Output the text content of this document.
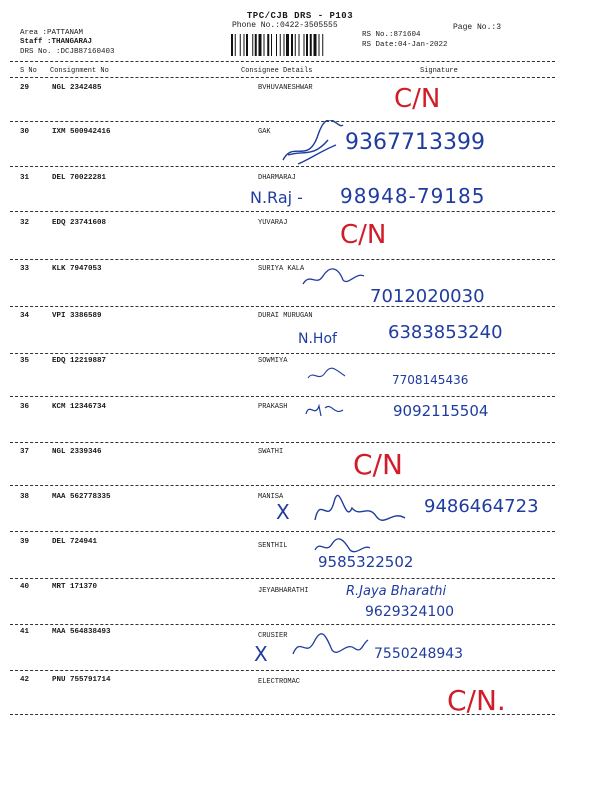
TPC/CJB DRS - P103
Phone No.:0422-3505555	Page No.:3
Area :PATTANAM
Staff :THANGARAJ
DRS No. :DCJB87160403
RS No.:871604
RS Date:04-Jan-2022
S No Consignment No	Consignee Details	Signature
29	NGL 2342485	BVHUVANESHWAR	C/N
30	IXM 500942416	GAK	9367713399
31	DEL 70022281	DHARMARAJ
N.Raj - 98948-79185
32	EDQ 23741608	YUVARAJ C/N
33	KLK 7947053	SURIYA KALA
7012020030
34	VPI 3386589	DURAI MURUGAN
N.Hof	6383853240
35	EDQ 12219887	SOWMIYA
7708145436
36	KCM 12346734	PRAKASH	9092115504
37	NGL 2339346	SWATHI C/N
38	MAA 562778335	MANISA
X	9486464723
39	DEL 724941	SENTHIL
9585322502
40	MRT 171370	JEYABHARATHI	R.Jaya Bharathi
9629324100
41	MAA 564838493	CRUSIER
X	7550248943
42	PNU 755791714	ELECTROMAC
C/N.
